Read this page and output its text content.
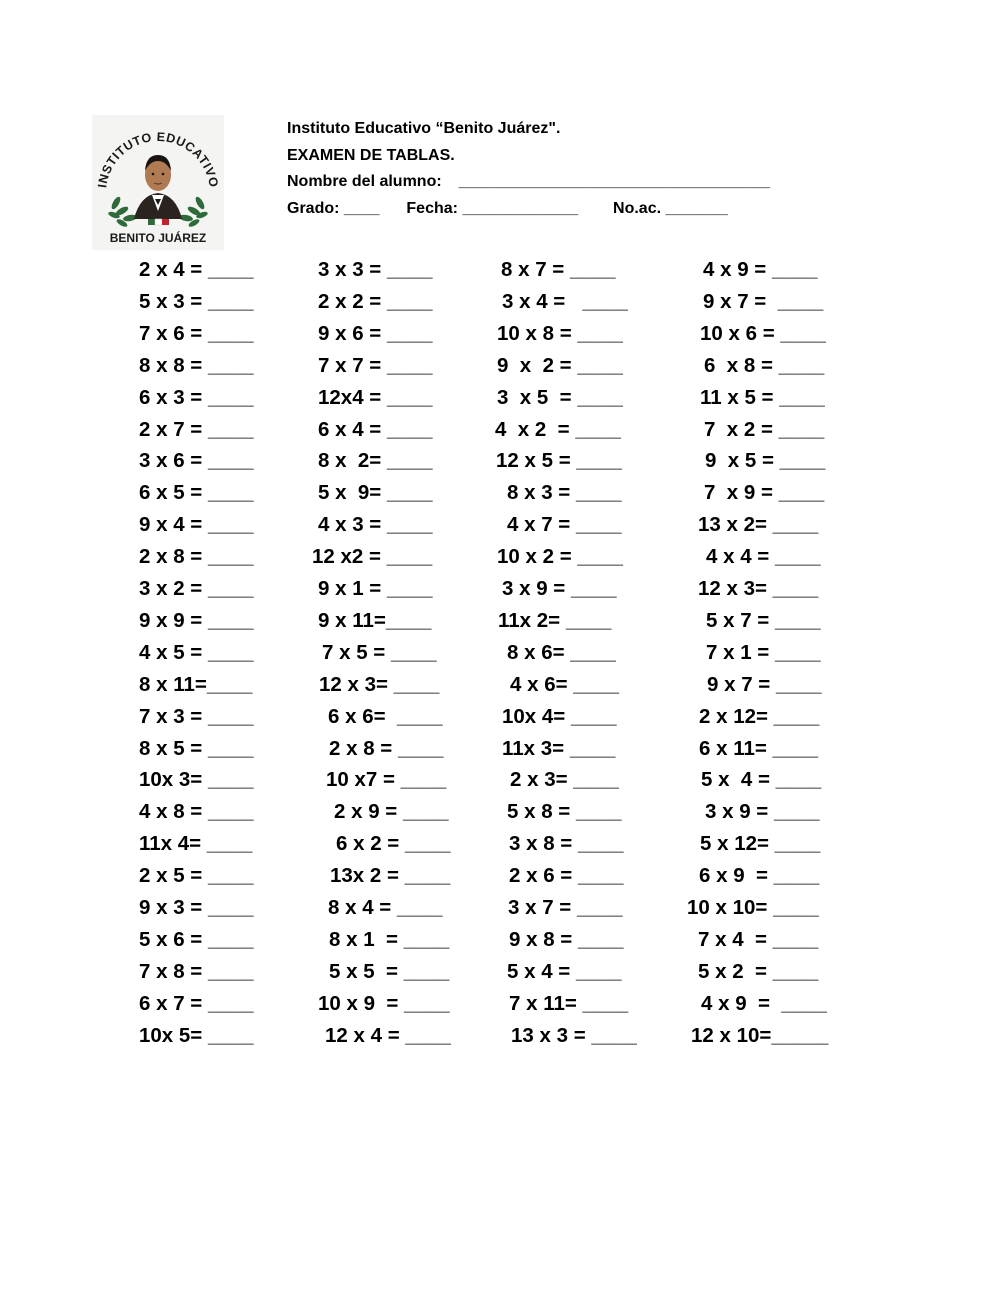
INSTITUTO EDUCATIVO
BENITO JUÁREZ
Instituto Educativo “Benito Juárez".
EXAMEN DE TABLAS.
Nombre del alumno: ___________________________________
Grado: ____ Fecha: _____________ No.ac. _______
2 x 4 = ____	3 x 3 = ____	8 x 7 = ____	4 x 9 = ____
5 x 3 = ____	2 x 2 = ____	3 x 4 =   ____	9 x 7 =  ____
7 x 6 = ____	9 x 6 = ____	10 x 8 = ____	10 x 6 = ____
8 x 8 = ____	7 x 7 = ____	9  x  2 = ____	6  x 8 = ____
6 x 3 = ____	12x4 = ____	3  x 5  = ____	11 x 5 = ____
2 x 7 = ____	6 x 4 = ____	4  x 2  = ____	7  x 2 = ____
3 x 6 = ____	8 x  2= ____	12 x 5 = ____	9  x 5 = ____
6 x 5 = ____	5 x  9= ____	8 x 3 = ____	7  x 9 = ____
9 x 4 = ____	4 x 3 = ____	4 x 7 = ____	13 x 2= ____
2 x 8 = ____	12 x2 = ____	10 x 2 = ____	4 x 4 = ____
3 x 2 = ____	9 x 1 = ____	3 x 9 = ____	12 x 3= ____
9 x 9 = ____	9 x 11=____	11x 2= ____	5 x 7 = ____
4 x 5 = ____	7 x 5 = ____	8 x 6= ____	7 x 1 = ____
8 x 11=____	12 x 3= ____	4 x 6= ____	9 x 7 = ____
7 x 3 = ____	6 x 6=  ____	10x 4= ____	2 x 12= ____
8 x 5 = ____	2 x 8 = ____	11x 3= ____	6 x 11= ____
10x 3= ____	10 x7 = ____	2 x 3= ____	5 x  4 = ____
4 x 8 = ____	2 x 9 = ____	5 x 8 = ____	3 x 9 = ____
11x 4= ____	6 x 2 = ____	3 x 8 = ____	5 x 12= ____
2 x 5 = ____	13x 2 = ____	2 x 6 = ____	6 x 9  = ____
9 x 3 = ____	8 x 4 = ____	3 x 7 = ____	10 x 10= ____
5 x 6 = ____	8 x 1  = ____	9 x 8 = ____	7 x 4  = ____
7 x 8 = ____	5 x 5  = ____	5 x 4 = ____	5 x 2  = ____
6 x 7 = ____	10 x 9  = ____	7 x 11= ____	4 x 9  =  ____
10x 5= ____	12 x 4 = ____	13 x 3 = ____	12 x 10=_____
